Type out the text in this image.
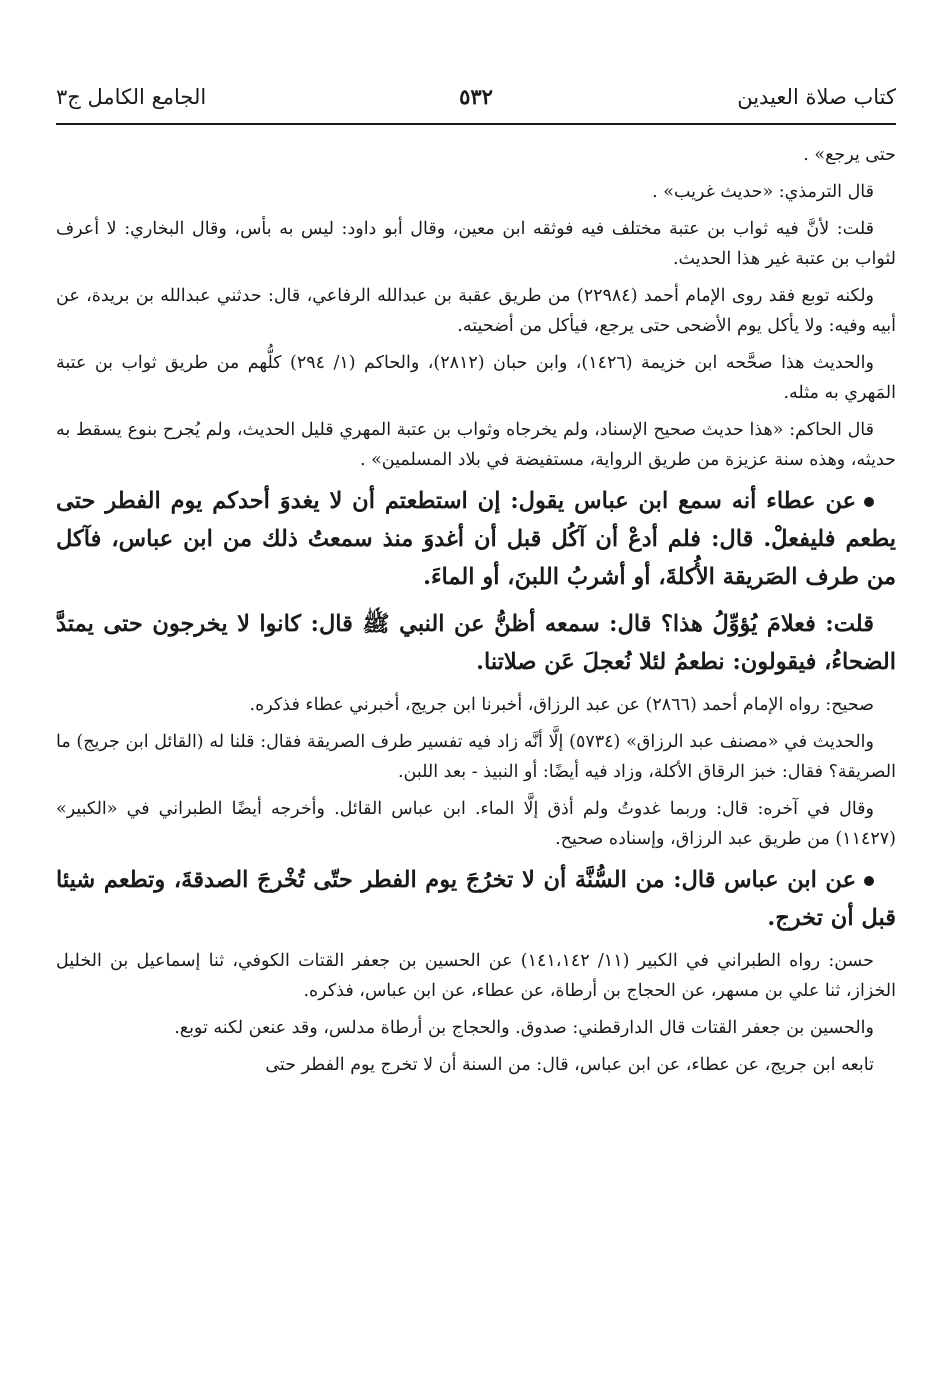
كتاب صلاة العيدين
٥٣٢
الجامع الكامل ج٣

حتى يرجع» .

قال الترمذي: «حديث غريب» .

قلت: لأنَّ فيه ثواب بن عتبة مختلف فيه فوثقه ابن معين، وقال أبو داود: ليس به بأس، وقال البخاري: لا أعرف لثواب بن عتبة غير هذا الحديث.

ولكنه توبع فقد روى الإمام أحمد (٢٢٩٨٤) من طريق عقبة بن عبدالله الرفاعي، قال: حدثني عبدالله بن بريدة، عن أبيه وفيه: ولا يأكل يوم الأضحى حتى يرجع، فيأكل من أضحيته.

والحديث هذا صحَّحه ابن خزيمة (١٤٢٦)، وابن حبان (٢٨١٢)، والحاكم (١/ ٢٩٤) كلُّهم من طريق ثواب بن عتبة المَهري به مثله.

قال الحاكم: «هذا حديث صحيح الإسناد، ولم يخرجاه وثواب بن عتبة المهري قليل الحديث، ولم يُجرح بنوع يسقط به حديثه، وهذه سنة عزيزة من طريق الرواية، مستفيضة في بلاد المسلمين» .

عن عطاء أنه سمع ابن عباس يقول: إن استطعتم أن لا يغدوَ أحدكم يوم الفطر حتى يطعم فليفعلْ. قال: فلم أدعْ أن آكُل قبل أن أغدوَ منذ سمعتُ ذلك من ابن عباس، فآكل من طرف الصَريقة الأُكلةَ، أو أشربُ اللبنَ، أو الماءَ.

قلت: فعلامَ يُؤوِّلُ هذا؟ قال: سمعه أظنُّ عن النبي ﷺ قال: كانوا لا يخرجون حتى يمتدَّ الضحاءُ، فيقولون: نطعمُ لئلا نُعجلَ عَن صلاتنا.

صحيح: رواه الإمام أحمد (٢٨٦٦) عن عبد الرزاق، أخبرنا ابن جريج، أخبرني عطاء فذكره.

والحديث في «مصنف عبد الرزاق» (٥٧٣٤) إلَّا أنَّه زاد فيه تفسير طرف الصريقة فقال: قلنا له (القائل ابن جريج) ما الصريقة؟ فقال: خبز الرقاق الأكلة، وزاد فيه أيضًا: أو النبيذ - بعد اللبن.

وقال في آخره: قال: وربما غدوتُ ولم أذق إلَّا الماء. ابن عباس القائل. وأخرجه أيضًا الطبراني في «الكبير» (١١٤٢٧) من طريق عبد الرزاق، وإسناده صحيح.

عن ابن عباس قال: من السُّنَّة أن لا تخرُجَ يوم الفطر حتّى تُخْرجَ الصدقةَ، وتطعم شيئا قبل أن تخرج.

حسن: رواه الطبراني في الكبير (١١/ ١٤١،١٤٢) عن الحسين بن جعفر القتات الكوفي، ثنا إسماعيل بن الخليل الخزاز، ثنا علي بن مسهر، عن الحجاج بن أرطاة، عن عطاء، عن ابن عباس، فذكره.

والحسين بن جعفر القتات قال الدارقطني: صدوق. والحجاج بن أرطاة مدلس، وقد عنعن لكنه توبع.

تابعه ابن جريج، عن عطاء، عن ابن عباس، قال: من السنة أن لا تخرج يوم الفطر حتى
